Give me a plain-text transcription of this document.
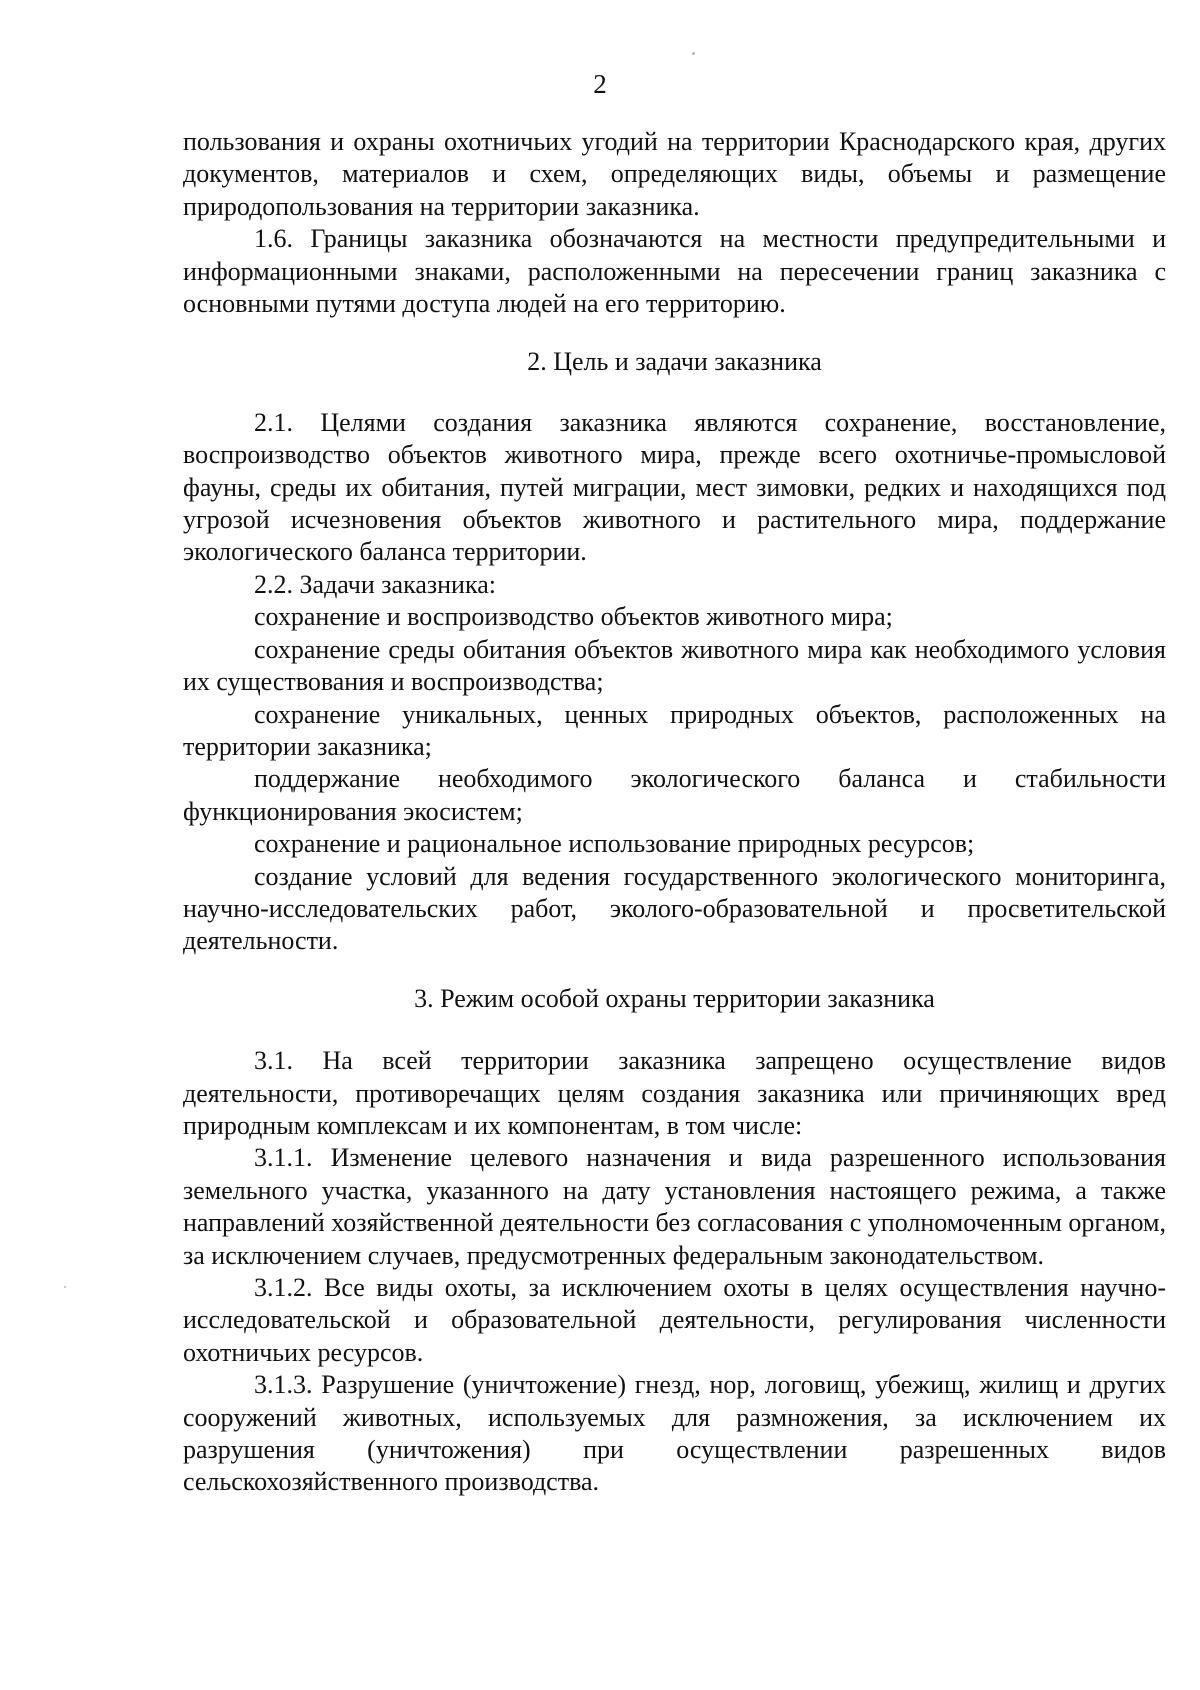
2

пользования и охраны охотничьих угодий на территории Краснодарского края, других документов, материалов и схем, определяющих виды, объемы и размещение природопользования на территории заказника.

1.6. Границы заказника обозначаются на местности предупредительными и информационными знаками, расположенными на пересечении границ заказника с основными путями доступа людей на его территорию.

2. Цель и задачи заказника

2.1. Целями создания заказника являются сохранение, восстановление, воспроизводство объектов животного мира, прежде всего охотничье-промысловой фауны, среды их обитания, путей миграции, мест зимовки, редких и находящихся под угрозой исчезновения объектов животного и растительного мира, поддержание экологического баланса территории.

2.2. Задачи заказника:

сохранение и воспроизводство объектов животного мира;

сохранение среды обитания объектов животного мира как необходимого условия их существования и воспроизводства;

сохранение уникальных, ценных природных объектов, расположенных на территории заказника;

поддержание необходимого экологического баланса и стабильности функционирования экосистем;

сохранение и рациональное использование природных ресурсов;

создание условий для ведения государственного экологического мониторинга, научно-исследовательских работ, эколого-образовательной и просветительской деятельности.

3. Режим особой охраны территории заказника

3.1. На всей территории заказника запрещено осуществление видов деятельности, противоречащих целям создания заказника или причиняющих вред природным комплексам и их компонентам, в том числе:

3.1.1. Изменение целевого назначения и вида разрешенного использования земельного участка, указанного на дату установления настоящего режима, а также направлений хозяйственной деятельности без согласования с уполномоченным органом, за исключением случаев, предусмотренных федеральным законодательством.

3.1.2. Все виды охоты, за исключением охоты в целях осуществления научно-исследовательской и образовательной деятельности, регулирования численности охотничьих ресурсов.

3.1.3. Разрушение (уничтожение) гнезд, нор, логовищ, убежищ, жилищ и других сооружений животных, используемых для размножения, за исключением их разрушения (уничтожения) при осуществлении разрешенных видов сельскохозяйственного производства.
